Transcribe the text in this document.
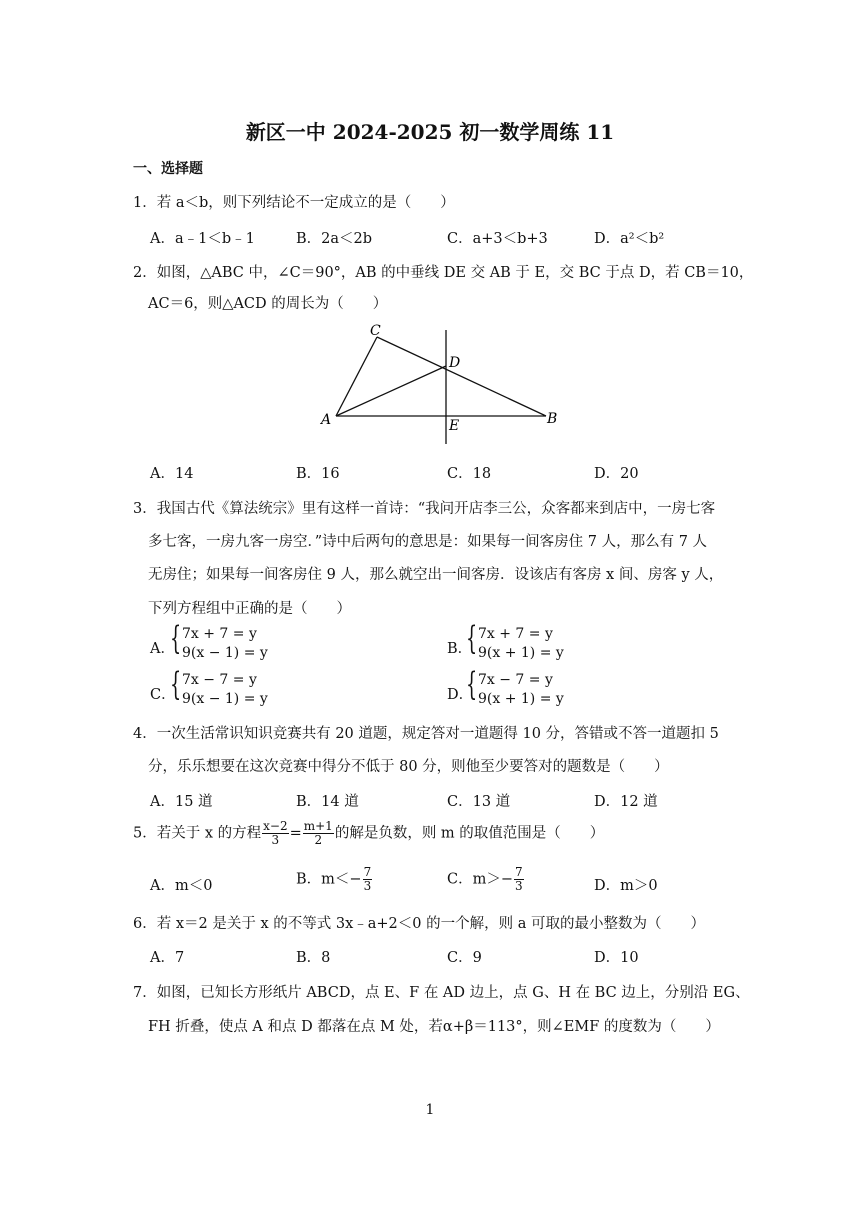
新区一中 2024-2025 初一数学周练 11
一、选择题
1．若 a＜b，则下列结论不一定成立的是（　　）
A．a﹣1＜b﹣1	B．2a＜2b	C．a+3＜b+3	D．a²＜b²
2．如图，△ABC 中，∠C＝90°，AB 的中垂线 DE 交 AB 于 E，交 BC 于点 D，若 CB＝10，
AC＝6，则△ACD 的周长为（　　）
C
D
A	E	B
A．14	B．16	C．18	D．20
3．我国古代《算法统宗》里有这样一首诗：“我问开店李三公，众客都来到店中，一房七客
多七客，一房九客一房空．”诗中后两句的意思是：如果每一间客房住 7 人，那么有 7 人
无房住；如果每一间客房住 9 人，那么就空出一间客房．设该店有客房 x 间、房客 y 人，
下列方程组中正确的是（　　）
A．
{ 7x + 7 = y
9(x − 1) = y	B．
{ 7x + 7 = y
9(x + 1) = y
C．
{ 7x − 7 = y
9(x − 1) = y	D．
{ 7x − 7 = y
9(x + 1) = y
4．一次生活常识知识竞赛共有 20 道题，规定答对一道题得 10 分，答错或不答一道题扣 5
分，乐乐想要在这次竞赛中得分不低于 80 分，则他至少要答对的题数是（　　）
A．15 道	B．14 道	C．13 道	D．12 道
5．若关于 x 的方程 $\frac{x-2}{3} = \frac{m+1}{2}$ 的解是负数，则 m 的取值范围是（　　）
A．m＜0	B．$m<- \frac{7}{3}$	C．$m>- \frac{7}{3}$	D．m＞0
6．若 x＝2 是关于 x 的不等式 3x﹣a+2＜0 的一个解，则 a 可取的最小整数为（　　）
A．7	B．8	C．9	D．10
7．如图，已知长方形纸片 ABCD，点 E、F 在 AD 边上，点 G、H 在 BC 边上，分别沿 EG、
FH 折叠，使点 A 和点 D 都落在点 M 处，若α+β＝113°，则∠EMF 的度数为（　　）
1
